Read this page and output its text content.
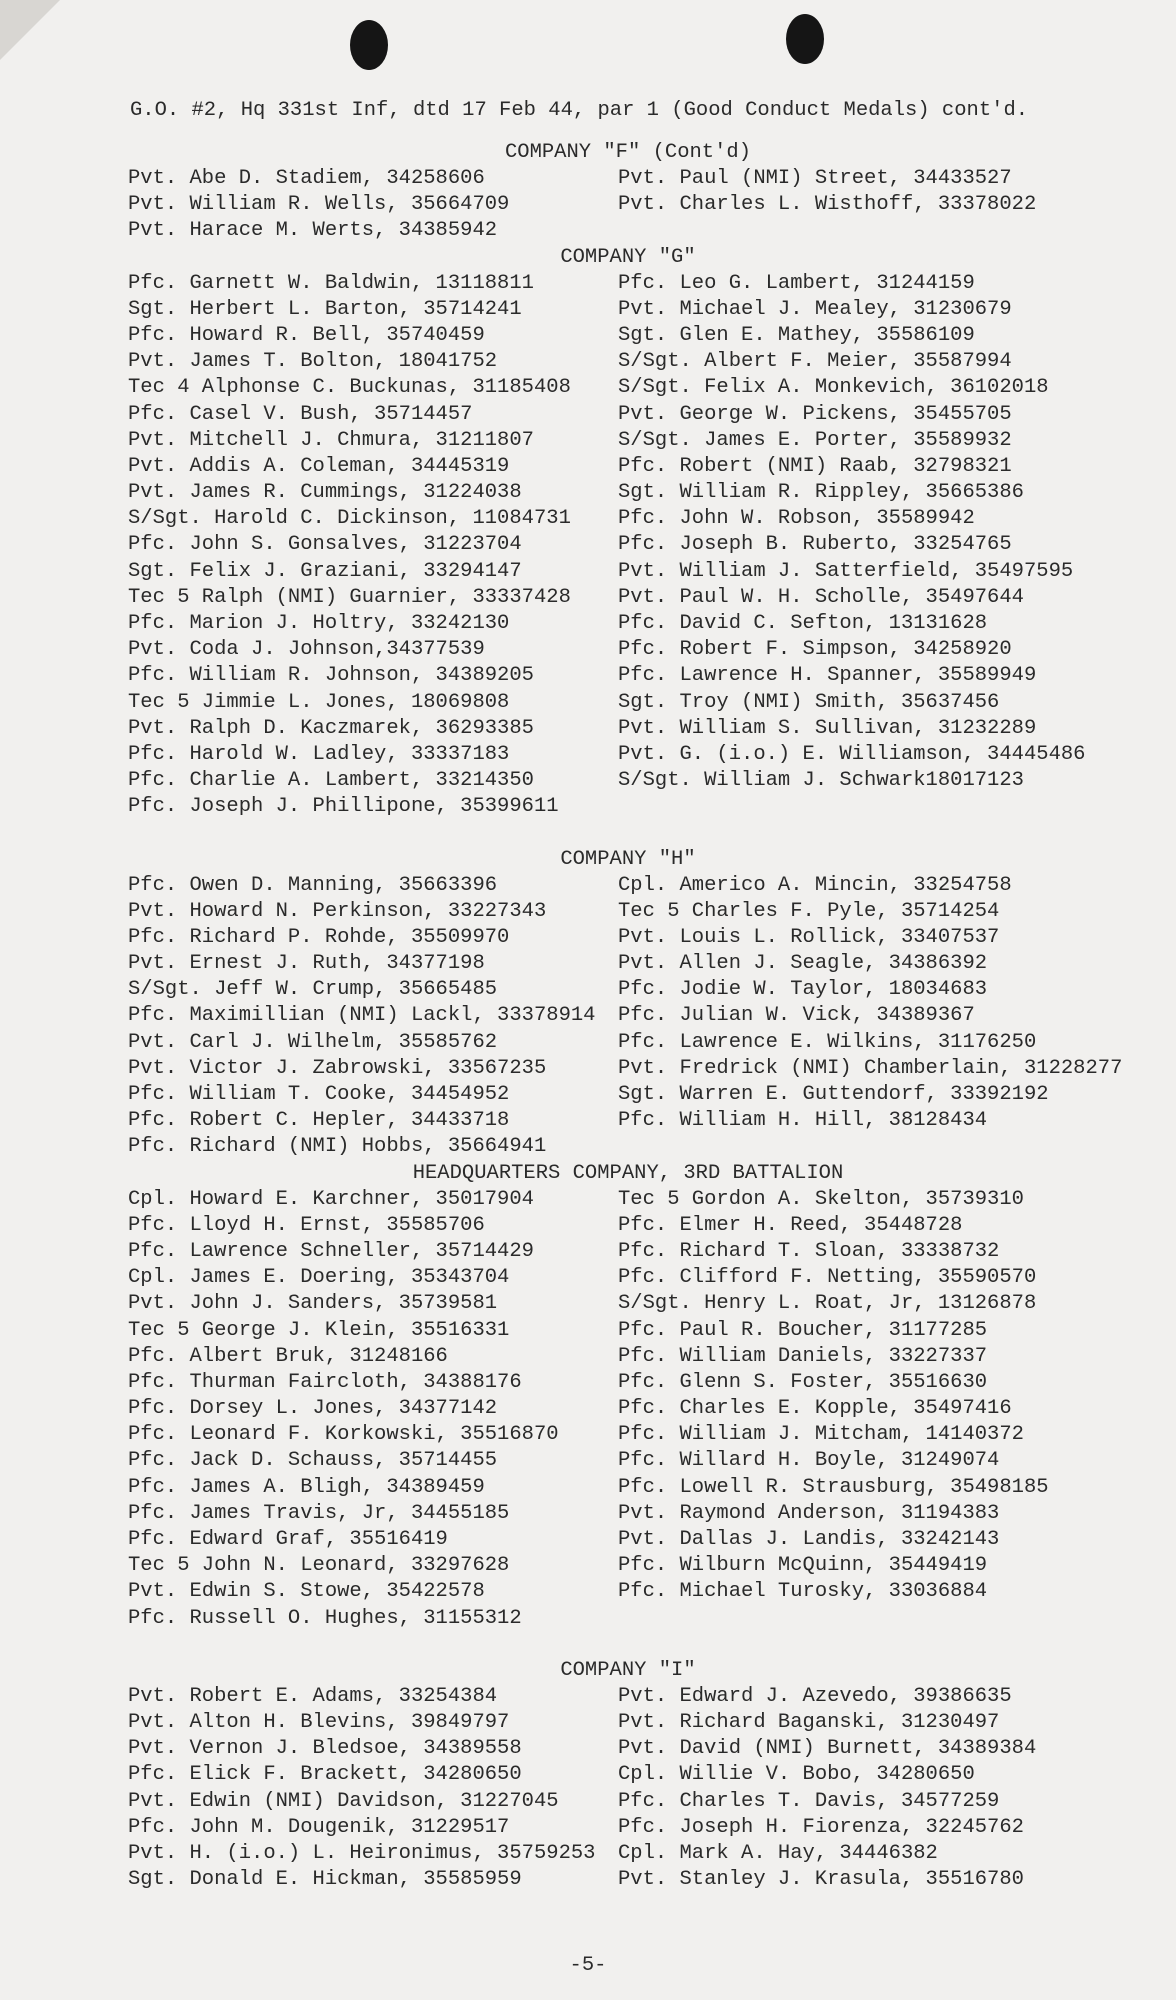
G.O. #2, Hq 331st Inf, dtd 17 Feb 44, par 1 (Good Conduct Medals) cont'd.
COMPANY "F" (Cont'd)
Pvt. Abe D. Stadiem, 34258606
Pvt. William R. Wells, 35664709
Pvt. Harace M. Werts, 34385942
Pvt. Paul (NMI) Street, 34433527
Pvt. Charles L. Wisthoff, 33378022
COMPANY "G"
Pfc. Garnett W. Baldwin, 13118811
Sgt. Herbert L. Barton, 35714241
Pfc. Howard R. Bell, 35740459
Pvt. James T. Bolton, 18041752
Tec 4 Alphonse C. Buckunas, 31185408
Pfc. Casel V. Bush, 35714457
Pvt. Mitchell J. Chmura, 31211807
Pvt. Addis A. Coleman, 34445319
Pvt. James R. Cummings, 31224038
S/Sgt. Harold C. Dickinson, 11084731
Pfc. John S. Gonsalves, 31223704
Sgt. Felix J. Graziani, 33294147
Tec 5 Ralph (NMI) Guarnier, 33337428
Pfc. Marion J. Holtry, 33242130
Pvt. Coda J. Johnson,34377539
Pfc. William R. Johnson, 34389205
Tec 5 Jimmie L. Jones, 18069808
Pvt. Ralph D. Kaczmarek, 36293385
Pfc. Harold W. Ladley, 33337183
Pfc. Charlie A. Lambert, 33214350
Pfc. Joseph J. Phillipone, 35399611
Pfc. Leo G. Lambert, 31244159
Pvt. Michael J. Mealey, 31230679
Sgt. Glen E. Mathey, 35586109
S/Sgt. Albert F. Meier, 35587994
S/Sgt. Felix A. Monkevich, 36102018
Pvt. George W. Pickens, 35455705
S/Sgt. James E. Porter, 35589932
Pfc. Robert (NMI) Raab, 32798321
Sgt. William R. Rippley, 35665386
Pfc. John W. Robson, 35589942
Pfc. Joseph B. Ruberto, 33254765
Pvt. William J. Satterfield, 35497595
Pvt. Paul W. H. Scholle, 35497644
Pfc. David C. Sefton, 13131628
Pfc. Robert F. Simpson, 34258920
Pfc. Lawrence H. Spanner, 35589949
Sgt. Troy (NMI) Smith, 35637456
Pvt. William S. Sullivan, 31232289
Pvt. G. (i.o.) E. Williamson, 34445486
S/Sgt. William J. Schwark18017123
COMPANY "H"
Pfc. Owen D. Manning, 35663396
Pvt. Howard N. Perkinson, 33227343
Pfc. Richard P. Rohde, 35509970
Pvt. Ernest J. Ruth, 34377198
S/Sgt. Jeff W. Crump, 35665485
Pfc. Maximillian (NMI) Lackl, 33378914
Pvt. Carl J. Wilhelm, 35585762
Pvt. Victor J. Zabrowski, 33567235
Pfc. William T. Cooke, 34454952
Pfc. Robert C. Hepler, 34433718
Pfc. Richard (NMI) Hobbs, 35664941
Cpl. Americo A. Mincin, 33254758
Tec 5 Charles F. Pyle, 35714254
Pvt. Louis L. Rollick, 33407537
Pvt. Allen J. Seagle, 34386392
Pfc. Jodie W. Taylor, 18034683
Pfc. Julian W. Vick, 34389367
Pfc. Lawrence E. Wilkins, 31176250
Pvt. Fredrick (NMI) Chamberlain, 31228277
Sgt. Warren E. Guttendorf, 33392192
Pfc. William H. Hill, 38128434
HEADQUARTERS COMPANY, 3RD BATTALION
Cpl. Howard E. Karchner, 35017904
Pfc. Lloyd H. Ernst, 35585706
Pfc. Lawrence Schneller, 35714429
Cpl. James E. Doering, 35343704
Pvt. John J. Sanders, 35739581
Tec 5 George J. Klein, 35516331
Pfc. Albert Bruk, 31248166
Pfc. Thurman Faircloth, 34388176
Pfc. Dorsey L. Jones, 34377142
Pfc. Leonard F. Korkowski, 35516870
Pfc. Jack D. Schauss, 35714455
Pfc. James A. Bligh, 34389459
Pfc. James Travis, Jr, 34455185
Pfc. Edward Graf, 35516419
Tec 5 John N. Leonard, 33297628
Pvt. Edwin S. Stowe, 35422578
Pfc. Russell O. Hughes, 31155312
Tec 5 Gordon A. Skelton, 35739310
Pfc. Elmer H. Reed, 35448728
Pfc. Richard T. Sloan, 33338732
Pfc. Clifford F. Netting, 35590570
S/Sgt. Henry L. Roat, Jr, 13126878
Pfc. Paul R. Boucher, 31177285
Pfc. William Daniels, 33227337
Pfc. Glenn S. Foster, 35516630
Pfc. Charles E. Kopple, 35497416
Pfc. William J. Mitcham, 14140372
Pfc. Willard H. Boyle, 31249074
Pfc. Lowell R. Strausburg, 35498185
Pvt. Raymond Anderson, 31194383
Pvt. Dallas J. Landis, 33242143
Pfc. Wilburn McQuinn, 35449419
Pfc. Michael Turosky, 33036884
COMPANY "I"
Pvt. Robert E. Adams, 33254384
Pvt. Alton H. Blevins, 39849797
Pvt. Vernon J. Bledsoe, 34389558
Pfc. Elick F. Brackett, 34280650
Pvt. Edwin (NMI) Davidson, 31227045
Pfc. John M. Dougenik, 31229517
Pvt. H. (i.o.) L. Heironimus, 35759253
Sgt. Donald E. Hickman, 35585959
Pvt. Edward J. Azevedo, 39386635
Pvt. Richard Baganski, 31230497
Pvt. David (NMI) Burnett, 34389384
Cpl. Willie V. Bobo, 34280650
Pfc. Charles T. Davis, 34577259
Pfc. Joseph H. Fiorenza, 32245762
Cpl. Mark A. Hay, 34446382
Pvt. Stanley J. Krasula, 35516780
-5-
